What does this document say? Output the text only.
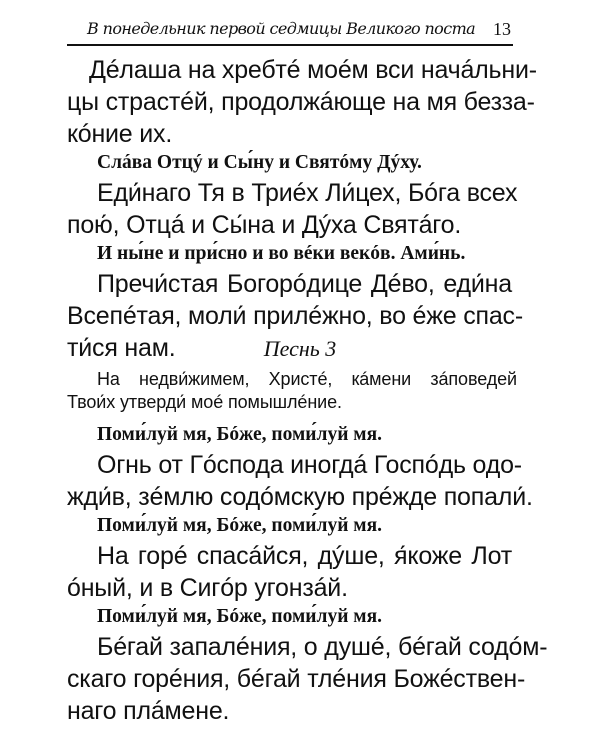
В понедельник первой седмицы Великого поста 13
Дéлаша на хребтé моéм вси начáльни-
цы страстéй, продолжáюще на мя безза-
кóние их.
Слáва Отцý и Сы́ну и Святóму Дýху.
Еди́наго Тя в Триéх Ли́цех, Бóга всех
пою́, Отцá и Сы́на и Дýха Святáго.
И ны́не и при́сно и во вéки векóв. Ами́нь.
Пречи́стая Богорóдице Дéво, еди́на
Всепéтая, моли́ прилéжно, во éже спас-
ти́ся нам.	Песнь 3
На недви́жимем, Христé, кáмени зáповедей
Твои́х утверди́ моé помышлéние.
Поми́луй мя, Бóже, поми́луй мя.
Огнь от Гóспода иногдá Госпóдь одо-
жди́в, зéмлю содóмскую прéжде попали́.
Поми́луй мя, Бóже, поми́луй мя.
На горé спасáйся, дýше, я́коже Лот
óный, и в Сигóр угонзáй.
Поми́луй мя, Бóже, поми́луй мя.
Бéгай запалéния, о душé, бéгай содóм-
скаго горéния, бéгай тлéния Божéствен-
наго плáмене.
